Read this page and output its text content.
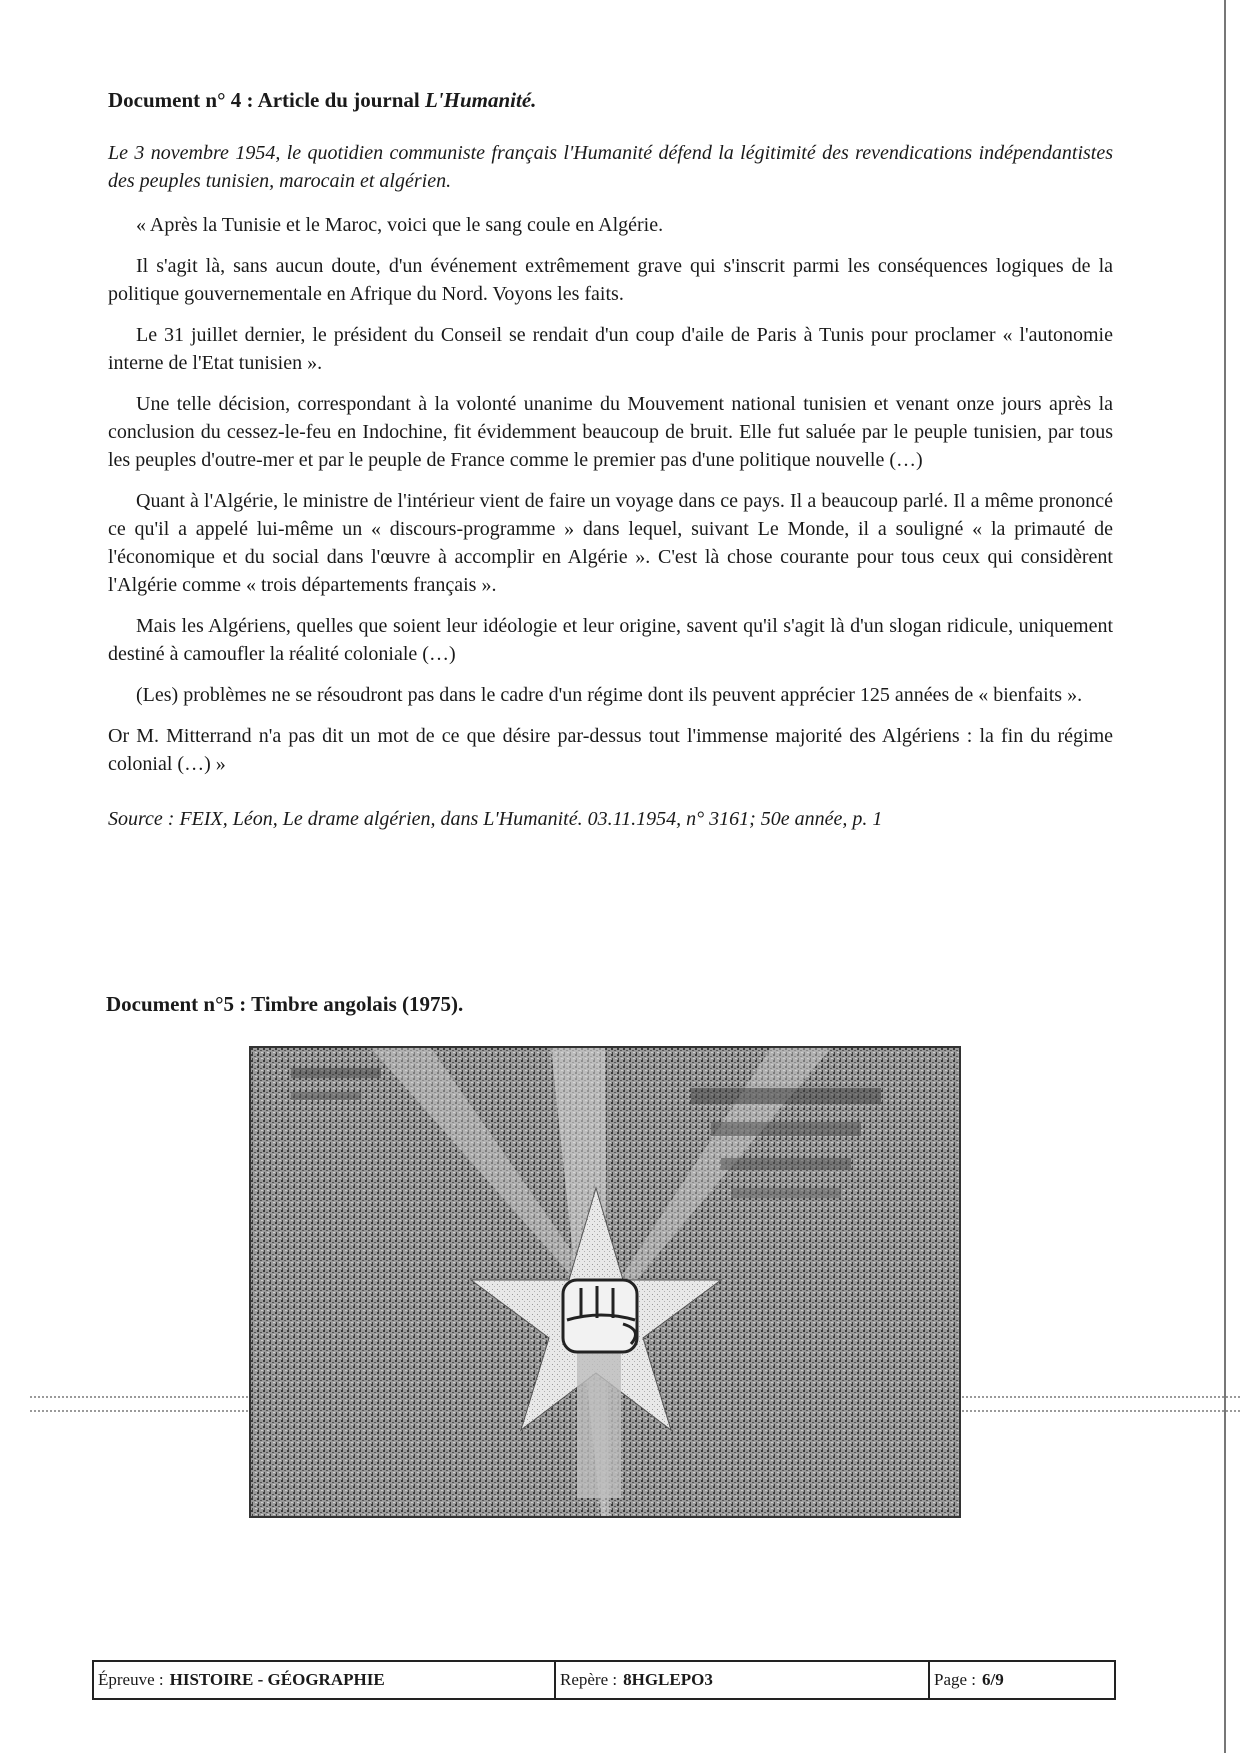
Document n° 4 : Article du journal L'Humanité.

Le 3 novembre 1954, le quotidien communiste français l'Humanité défend la légitimité des revendications indépendantistes des peuples tunisien, marocain et algérien.

« Après la Tunisie et le Maroc, voici que le sang coule en Algérie.

Il s'agit là, sans aucun doute, d'un événement extrêmement grave qui s'inscrit parmi les conséquences logiques de la politique gouvernementale en Afrique du Nord. Voyons les faits.

Le 31 juillet dernier, le président du Conseil se rendait d'un coup d'aile de Paris à Tunis pour proclamer « l'autonomie interne de l'Etat tunisien ».

Une telle décision, correspondant à la volonté unanime du Mouvement national tunisien et venant onze jours après la conclusion du cessez-le-feu en Indochine, fit évidemment beaucoup de bruit. Elle fut saluée par le peuple tunisien, par tous les peuples d'outre-mer et par le peuple de France comme le premier pas d'une politique nouvelle (…)

Quant à l'Algérie, le ministre de l'intérieur vient de faire un voyage dans ce pays. Il a beaucoup parlé. Il a même prononcé ce qu'il a appelé lui-même un « discours-programme » dans lequel, suivant Le Monde, il a souligné « la primauté de l'économique et du social dans l'œuvre à accomplir en Algérie ». C'est là chose courante pour tous ceux qui considèrent l'Algérie comme « trois départements français ».

Mais les Algériens, quelles que soient leur idéologie et leur origine, savent qu'il s'agit là d'un slogan ridicule, uniquement destiné à camoufler la réalité coloniale (…)

(Les) problèmes ne se résoudront pas dans le cadre d'un régime dont ils peuvent apprécier 125 années de « bienfaits ».

Or M. Mitterrand n'a pas dit un mot de ce que désire par-dessus tout l'immense majorité des Algériens : la fin du régime colonial (…) »

Source : FEIX, Léon, Le drame algérien, dans L'Humanité. 03.11.1954, n° 3161; 50e année, p. 1

Document n°5 : Timbre angolais (1975).
Épreuve : HISTOIRE - GÉOGRAPHIE	Repère : 8HGLEPO3	Page : 6/9
